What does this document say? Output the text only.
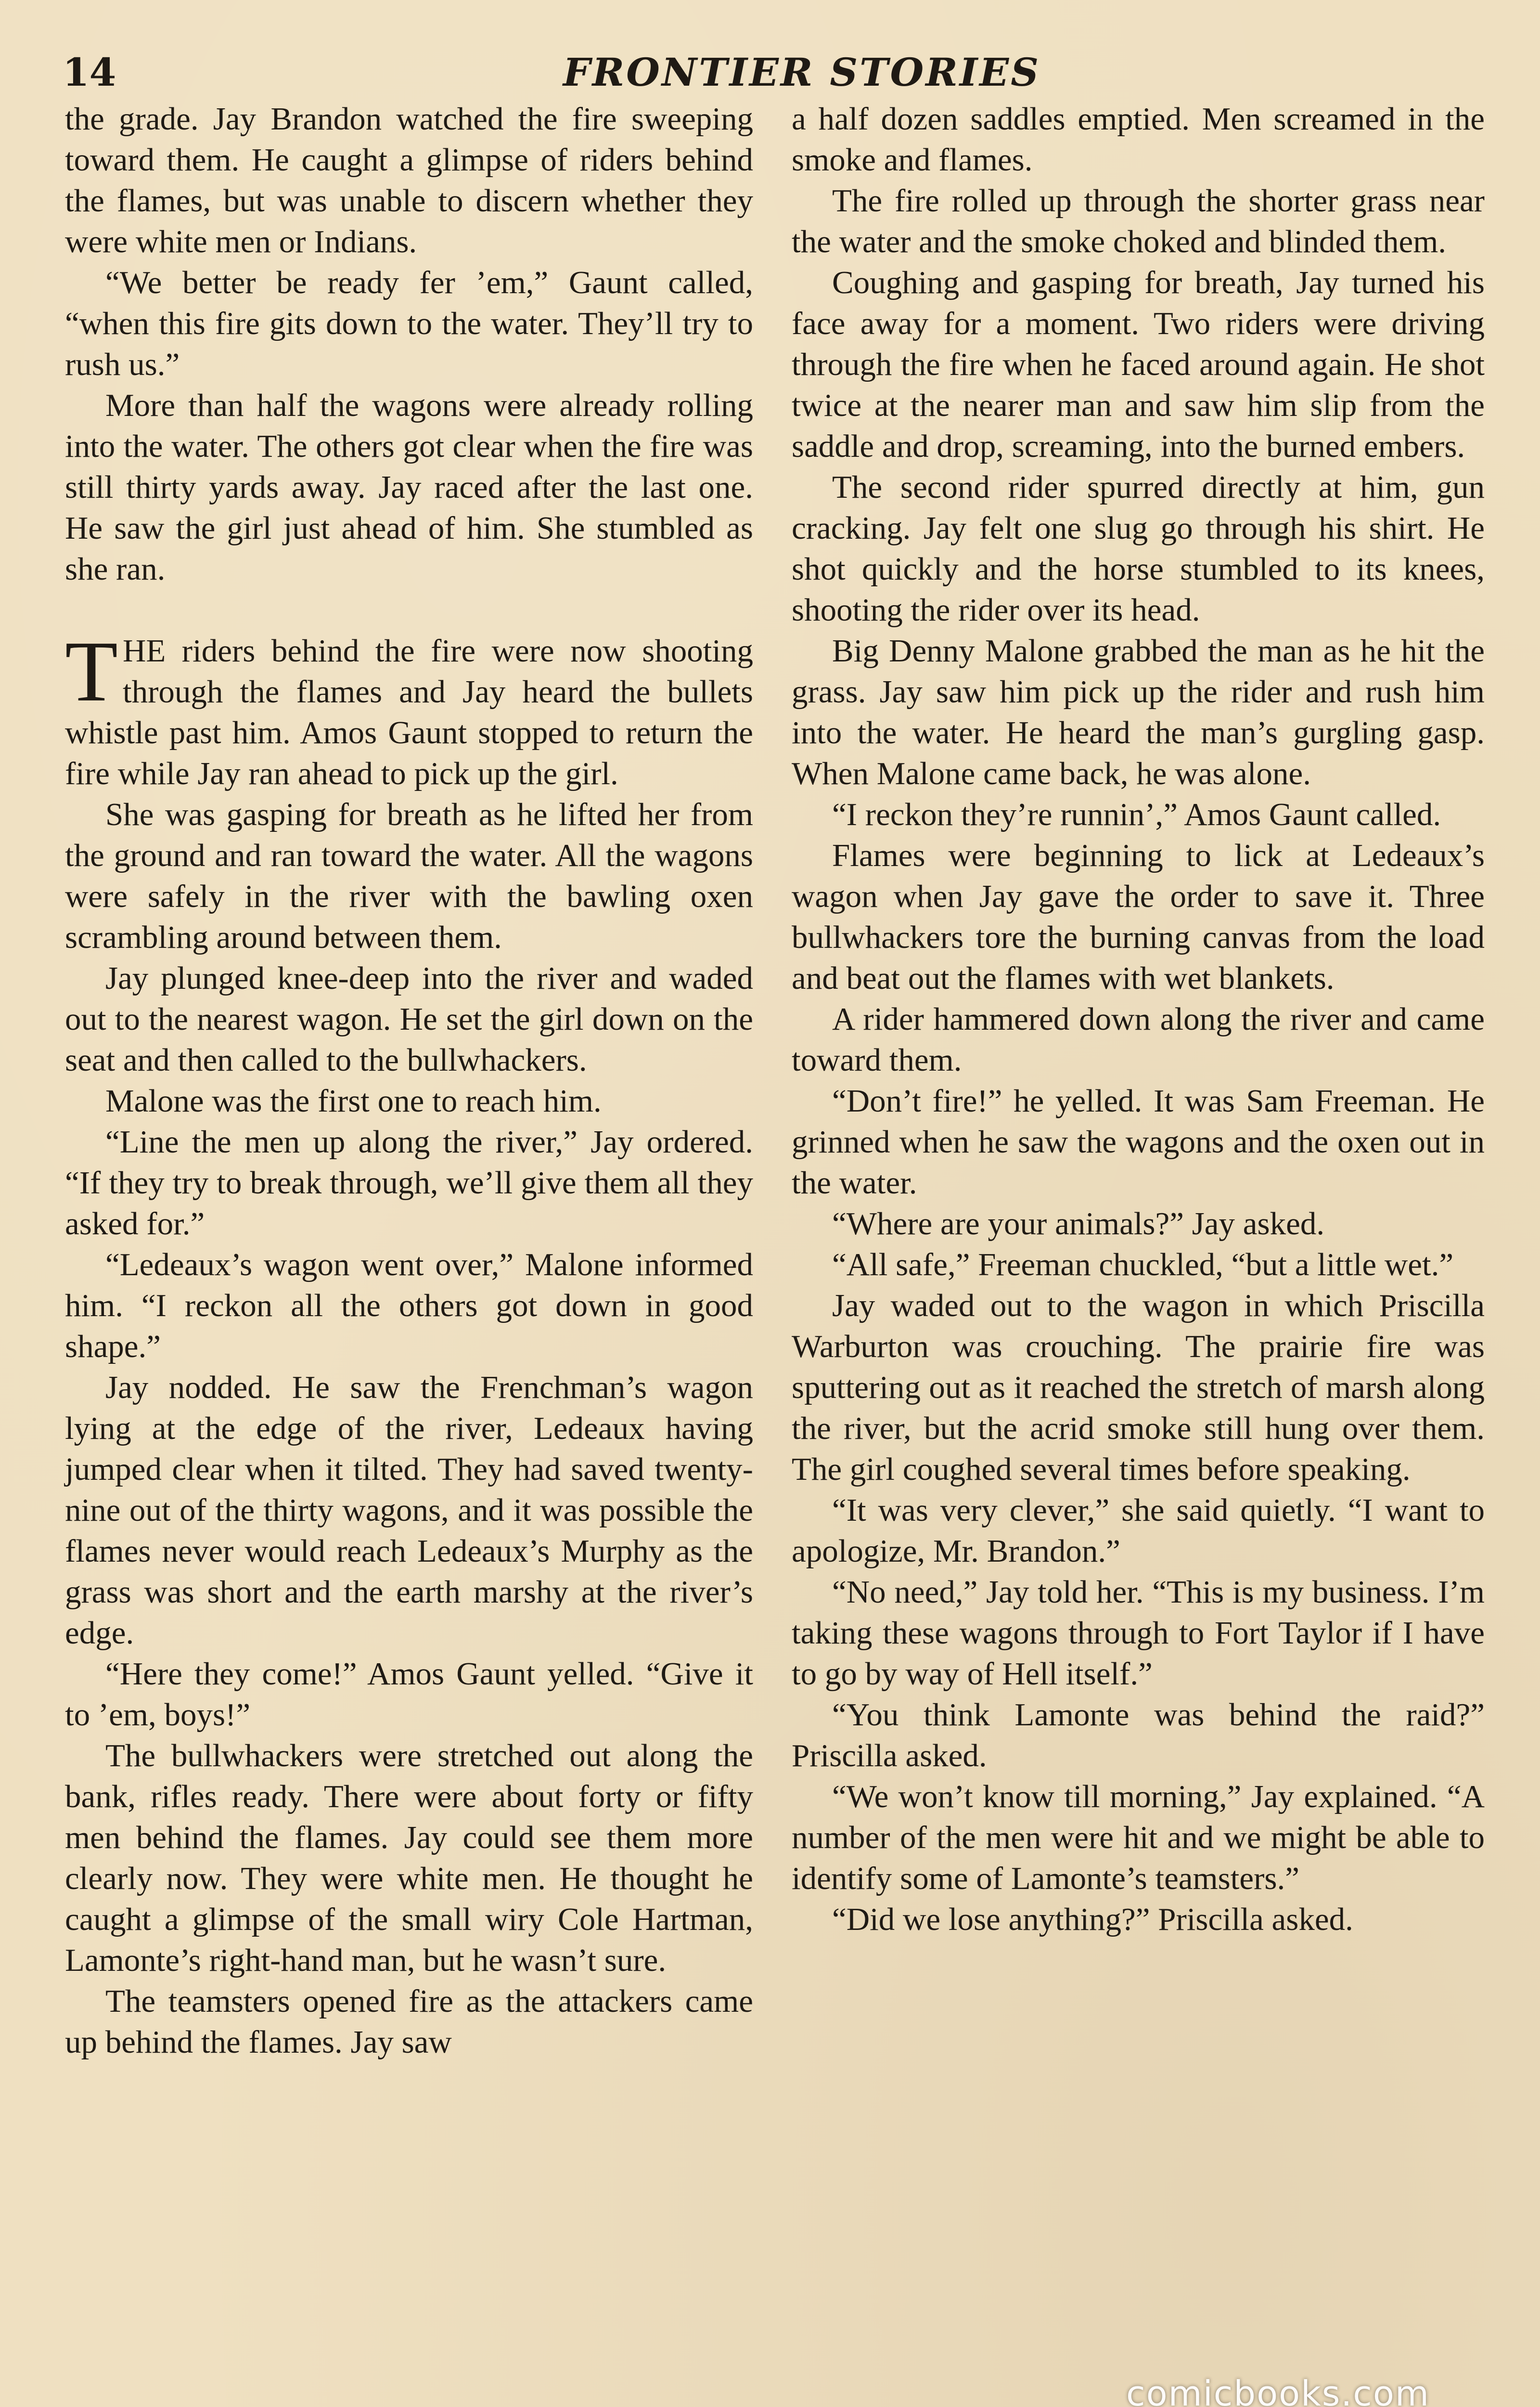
14	FRONTIER STORIES

the grade. Jay Brandon watched the fire sweeping toward them. He caught a glimpse of riders behind the flames, but was unable to discern whether they were white men or Indians.

“We better be ready fer ’em,” Gaunt called, “when this fire gits down to the water. They’ll try to rush us.”

More than half the wagons were already rolling into the water. The others got clear when the fire was still thirty yards away. Jay raced after the last one. He saw the girl just ahead of him. She stumbled as she ran.

THE riders behind the fire were now shooting through the flames and Jay heard the bullets whistle past him. Amos Gaunt stopped to return the fire while Jay ran ahead to pick up the girl.

She was gasping for breath as he lifted her from the ground and ran toward the water. All the wagons were safely in the river with the bawling oxen scrambling around between them.

Jay plunged knee-deep into the river and waded out to the nearest wagon. He set the girl down on the seat and then called to the bullwhackers.

Malone was the first one to reach him.

“Line the men up along the river,” Jay ordered. “If they try to break through, we’ll give them all they asked for.”

“Ledeaux’s wagon went over,” Malone informed him. “I reckon all the others got down in good shape.”

Jay nodded. He saw the Frenchman’s wagon lying at the edge of the river, Ledeaux having jumped clear when it tilted. They had saved twenty-nine out of the thirty wagons, and it was possible the flames never would reach Ledeaux’s Murphy as the grass was short and the earth marshy at the river’s edge.

“Here they come!” Amos Gaunt yelled. “Give it to ’em, boys!”

The bullwhackers were stretched out along the bank, rifles ready. There were about forty or fifty men behind the flames. Jay could see them more clearly now. They were white men. He thought he caught a glimpse of the small wiry Cole Hartman, Lamonte’s right-hand man, but he wasn’t sure.

The teamsters opened fire as the attackers came up behind the flames. Jay saw

a half dozen saddles emptied. Men screamed in the smoke and flames.

The fire rolled up through the shorter grass near the water and the smoke choked and blinded them.

Coughing and gasping for breath, Jay turned his face away for a moment. Two riders were driving through the fire when he faced around again. He shot twice at the nearer man and saw him slip from the saddle and drop, screaming, into the burned embers.

The second rider spurred directly at him, gun cracking. Jay felt one slug go through his shirt. He shot quickly and the horse stumbled to its knees, shooting the rider over its head.

Big Denny Malone grabbed the man as he hit the grass. Jay saw him pick up the rider and rush him into the water. He heard the man’s gurgling gasp. When Malone came back, he was alone.

“I reckon they’re runnin’,” Amos Gaunt called.

Flames were beginning to lick at Ledeaux’s wagon when Jay gave the order to save it. Three bullwhackers tore the burning canvas from the load and beat out the flames with wet blankets.

A rider hammered down along the river and came toward them.

“Don’t fire!” he yelled. It was Sam Freeman. He grinned when he saw the wagons and the oxen out in the water.

“Where are your animals?” Jay asked.

“All safe,” Freeman chuckled, “but a little wet.”

Jay waded out to the wagon in which Priscilla Warburton was crouching. The prairie fire was sputtering out as it reached the stretch of marsh along the river, but the acrid smoke still hung over them. The girl coughed several times before speaking.

“It was very clever,” she said quietly. “I want to apologize, Mr. Brandon.”

“No need,” Jay told her. “This is my business. I’m taking these wagons through to Fort Taylor if I have to go by way of Hell itself.”

“You think Lamonte was behind the raid?” Priscilla asked.

“We won’t know till morning,” Jay explained. “A number of the men were hit and we might be able to identify some of Lamonte’s teamsters.”

“Did we lose anything?” Priscilla asked.

comicbooks.com
